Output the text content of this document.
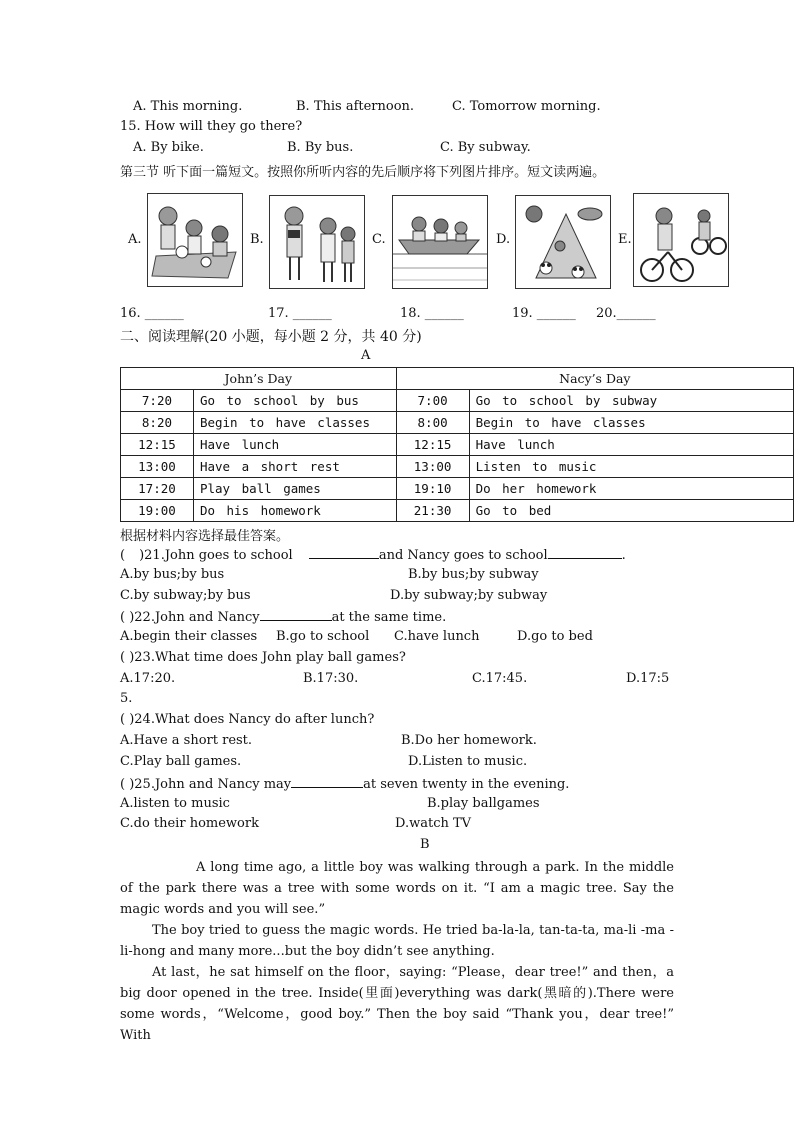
A. This morning.	B. This afternoon.	C. Tomorrow morning.
15. How will they go there?
A. By bike.	B. By bus.	C. By subway.
第三节 听下面一篇短文。按照你所听内容的先后顺序将下列图片排序。短文读两遍。
A.	B.	C.	D.	E.
16. ______	17. ______	18. ______	19. ______ 20.______
二、阅读理解(20 小题，每小题 2 分，共 40 分)
A
John’s Day		Nacy’s Day	
7:20	Go to school by bus	7:00	Go to school by subway
8:20	Begin to have classes	8:00	Begin to have classes
12:15	Have lunch	12:15	Have lunch
13:00	Have a short rest	13:00	Listen to music
17:20	Play ball games	19:10	Do her homework
19:00	Do his homework	21:30	Go to bed
根据材料内容选择最佳答案。
( )21.John goes to school	and Nancy goes to school	.
A.by bus;by bus	B.by bus;by subway
C.by subway;by bus	D.by subway;by subway
( )22.John and Nancy	at the same time.
A.begin their classes B.go to school C.have lunch	D.go to bed
( )23.What time does John play ball games?
A.17:20.	B.17:30.	C.17:45.	D.17:5
5.
( )24.What does Nancy do after lunch?
A.Have a short rest.	B.Do her homework.
C.Play ball games.	D.Listen to music.
( )25.John and Nancy may	at seven twenty in the evening.
A.listen to music	B.play ballgames
C.do their homework	D.watch TV
B
A long time ago, a little boy was walking through a park. In the middle of the park there was a tree with some words on it. “I am a magic tree. Say the magic words and you will see.”
The boy tried to guess the magic words. He tried ba-la-la, tan-ta-ta, ma-li -ma -li-hong and many more...but the boy didn’t see anything.
At last，he sat himself on the floor，saying: “Please，dear tree!” and then，a big door opened in the tree. Inside(里面)everything was dark(黑暗的).There were some words，“Welcome，good boy.” Then the boy said “Thank you，dear tree!” With
